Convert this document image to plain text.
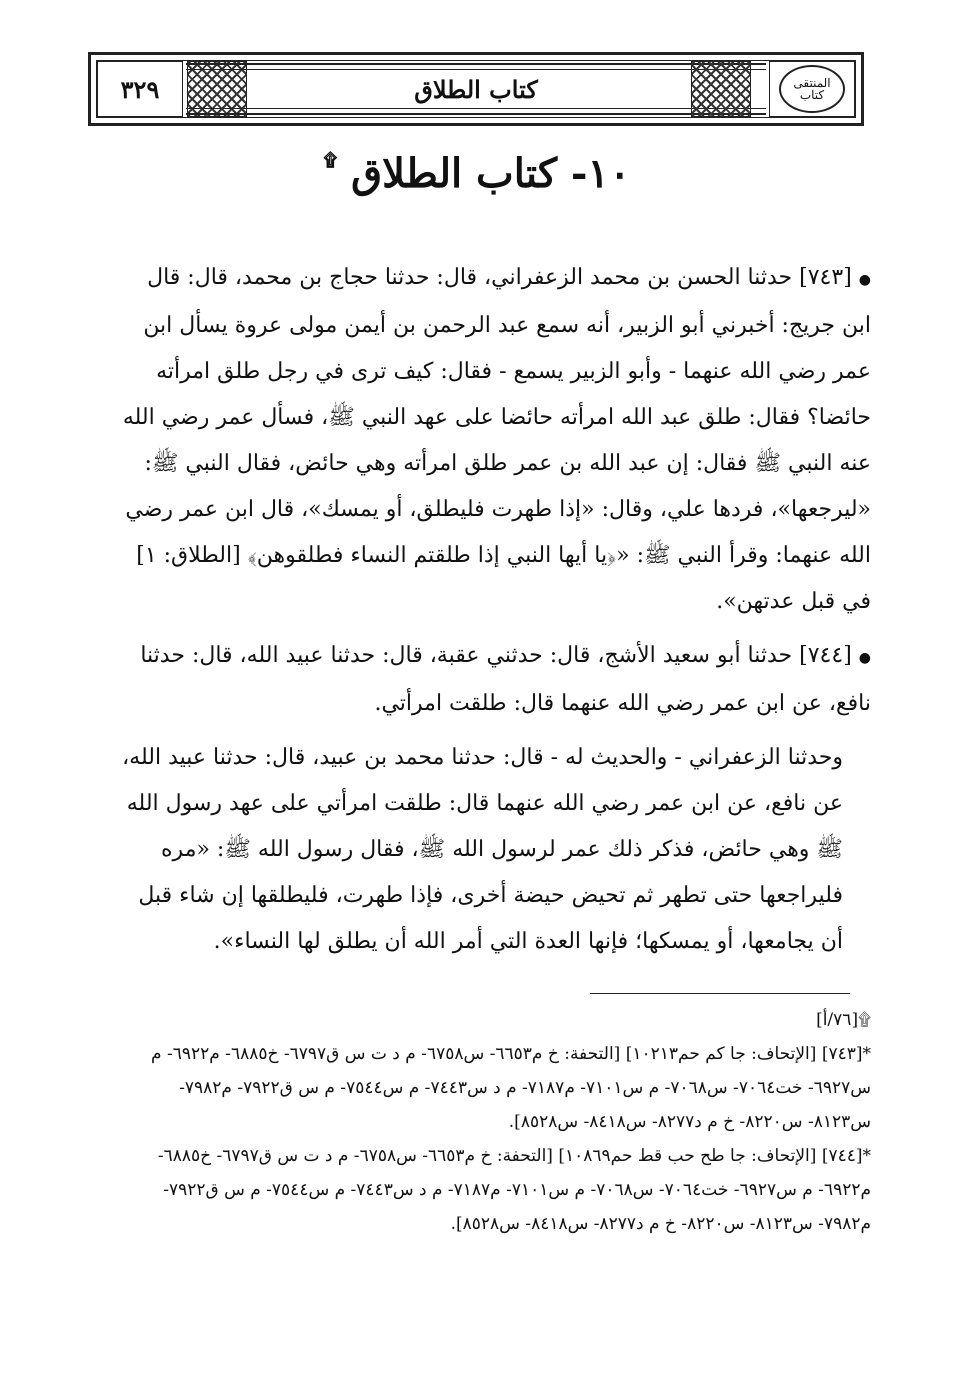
٣٢٩	كتاب الطلاق	المنتقى كتاب
١٠- كتاب الطلاق ۩

● [٧٤٣] حدثنا الحسن بن محمد الزعفراني، قال: حدثنا حجاج بن محمد، قال: قال ابن جريج: أخبرني أبو الزبير، أنه سمع عبد الرحمن بن أيمن مولى عروة يسأل ابن عمر رضي الله عنهما - وأبو الزبير يسمع - فقال: كيف ترى في رجل طلق امرأته حائضا؟ فقال: طلق عبد الله امرأته حائضا على عهد النبي ﷺ، فسأل عمر رضي الله عنه النبي ﷺ فقال: إن عبد الله بن عمر طلق امرأته وهي حائض، فقال النبي ﷺ: «ليرجعها»، فردها علي، وقال: «إذا طهرت فليطلق، أو يمسك»، قال ابن عمر رضي الله عنهما: وقرأ النبي ﷺ: «﴿يا أيها النبي إذا طلقتم النساء فطلقوهن﴾ [الطلاق: ١] في قبل عدتهن».

● [٧٤٤] حدثنا أبو سعيد الأشج، قال: حدثني عقبة، قال: حدثنا عبيد الله، قال: حدثنا نافع، عن ابن عمر رضي الله عنهما قال: طلقت امرأتي.

وحدثنا الزعفراني - والحديث له - قال: حدثنا محمد بن عبيد، قال: حدثنا عبيد الله، عن نافع، عن ابن عمر رضي الله عنهما قال: طلقت امرأتي على عهد رسول الله ﷺ وهي حائض، فذكر ذلك عمر لرسول الله ﷺ، فقال رسول الله ﷺ: «مره فليراجعها حتى تطهر ثم تحيض حيضة أخرى، فإذا طهرت، فليطلقها إن شاء قبل أن يجامعها، أو يمسكها؛ فإنها العدة التي أمر الله أن يطلق لها النساء».

۩[٧٦/أ]

*[٧٤٣] [الإتحاف: جا كم حم١٠٢١٣] [التحفة: خ م٦٦٥٣- س٦٧٥٨- م د ت س ق٦٧٩٧- خ٦٨٨٥- م٦٩٢٢- م س٦٩٢٧- خت٧٠٦٤- س٧٠٦٨- م س٧١٠١- م٧١٨٧- م د س٧٤٤٣- م س٧٥٤٤- م س ق٧٩٢٢- م٧٩٨٢- س٨١٢٣- س٨٢٢٠- خ م د٨٢٧٧- س٨٤١٨- س٨٥٢٨].

*[٧٤٤] [الإتحاف: جا طح حب قط حم١٠٨٦٩] [التحفة: خ م٦٦٥٣- س٦٧٥٨- م د ت س ق٦٧٩٧- خ٦٨٨٥- م٦٩٢٢- م س٦٩٢٧- خت٧٠٦٤- س٧٠٦٨- م س٧١٠١- م٧١٨٧- م د س٧٤٤٣- م س٧٥٤٤- م س ق٧٩٢٢- م٧٩٨٢- س٨١٢٣- س٨٢٢٠- خ م د٨٢٧٧- س٨٤١٨- س٨٥٢٨].
